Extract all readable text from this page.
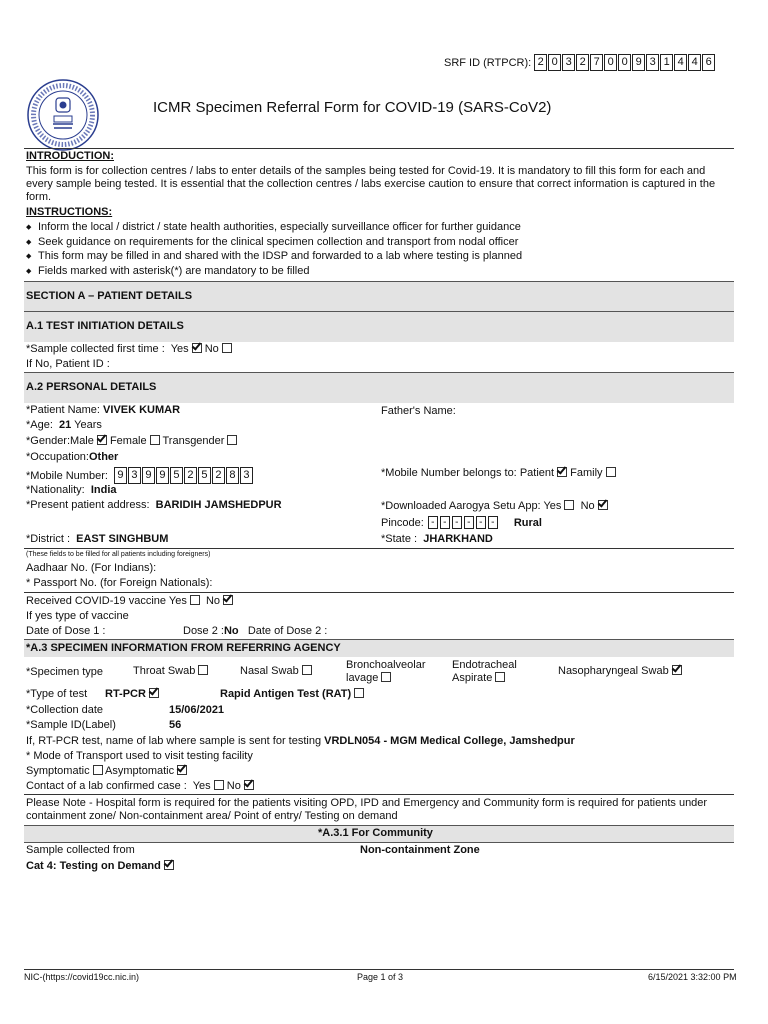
SRF ID (RTPCR): 2 0 3 2 7 0 0 9 3 1 4 4 6
ICMR Specimen Referral Form for COVID-19 (SARS-CoV2)
INTRODUCTION:
This form is for collection centres / labs to enter details of the samples being tested for Covid-19. It is mandatory to fill this form for each and every sample being tested. It is essential that the collection centres / labs exercise caution to ensure that correct information is captured in the form.
INSTRUCTIONS:
◆ Inform the local / district / state health authorities, especially surveillance officer for further guidance
◆ Seek guidance on requirements for the clinical specimen collection and transport from nodal officer
◆ This form may be filled in and shared with the IDSP and forwarded to a lab where testing is planned
◆ Fields marked with asterisk(*) are mandatory to be filled
SECTION A – PATIENT DETAILS
A.1 TEST INITIATION DETAILS
*Sample collected first time : Yes No
If No, Patient ID :
A.2 PERSONAL DETAILS
*Patient Name: VIVEK KUMAR	Father's Name:
*Age: 21 Years
*Gender:Male Female Transgender
*Occupation:Other
*Mobile Number: 9 3 9 9 5 2 5 2 8 3	*Mobile Number belongs to: Patient Family
*Nationality: India
*Present patient address: BARIDIH JAMSHEDPUR	*Downloaded Aarogya Setu App: Yes No
Pincode: - - - - - -	Rural
*District : EAST SINGHBUM	*State : JHARKHAND
(These fields to be filled for all patients including foreigners)
Aadhaar No. (For Indians):
* Passport No. (for Foreign Nationals):
Received COVID-19 vaccine Yes No
If yes type of vaccine
Date of Dose 1 :	Dose 2 :No Date of Dose 2 :
*A.3 SPECIMEN INFORMATION FROM REFERRING AGENCY
*Specimen type	Throat Swab	Nasal Swab	Bronchoalveolar
lavage
Endotracheal
Aspirate
Nasopharyngeal Swab
*Type of test RT-PCR	Rapid Antigen Test (RAT)
*Collection date	15/06/2021
*Sample ID(Label)	56
If, RT-PCR test, name of lab where sample is sent for testing VRDLN054 - MGM Medical College, Jamshedpur
* Mode of Transport used to visit testing facility
Symptomatic Asymptomatic
Contact of a lab confirmed case : Yes No
Please Note - Hospital form is required for the patients visiting OPD, IPD and Emergency and Community form is required for patients under containment zone/ Non-containment area/ Point of entry/ Testing on demand
*A.3.1 For Community
Sample collected from	Non-containment Zone
Cat 4: Testing on Demand
NIC-(https://covid19cc.nic.in)	Page 1 of 3	6/15/2021 3:32:00 PM
